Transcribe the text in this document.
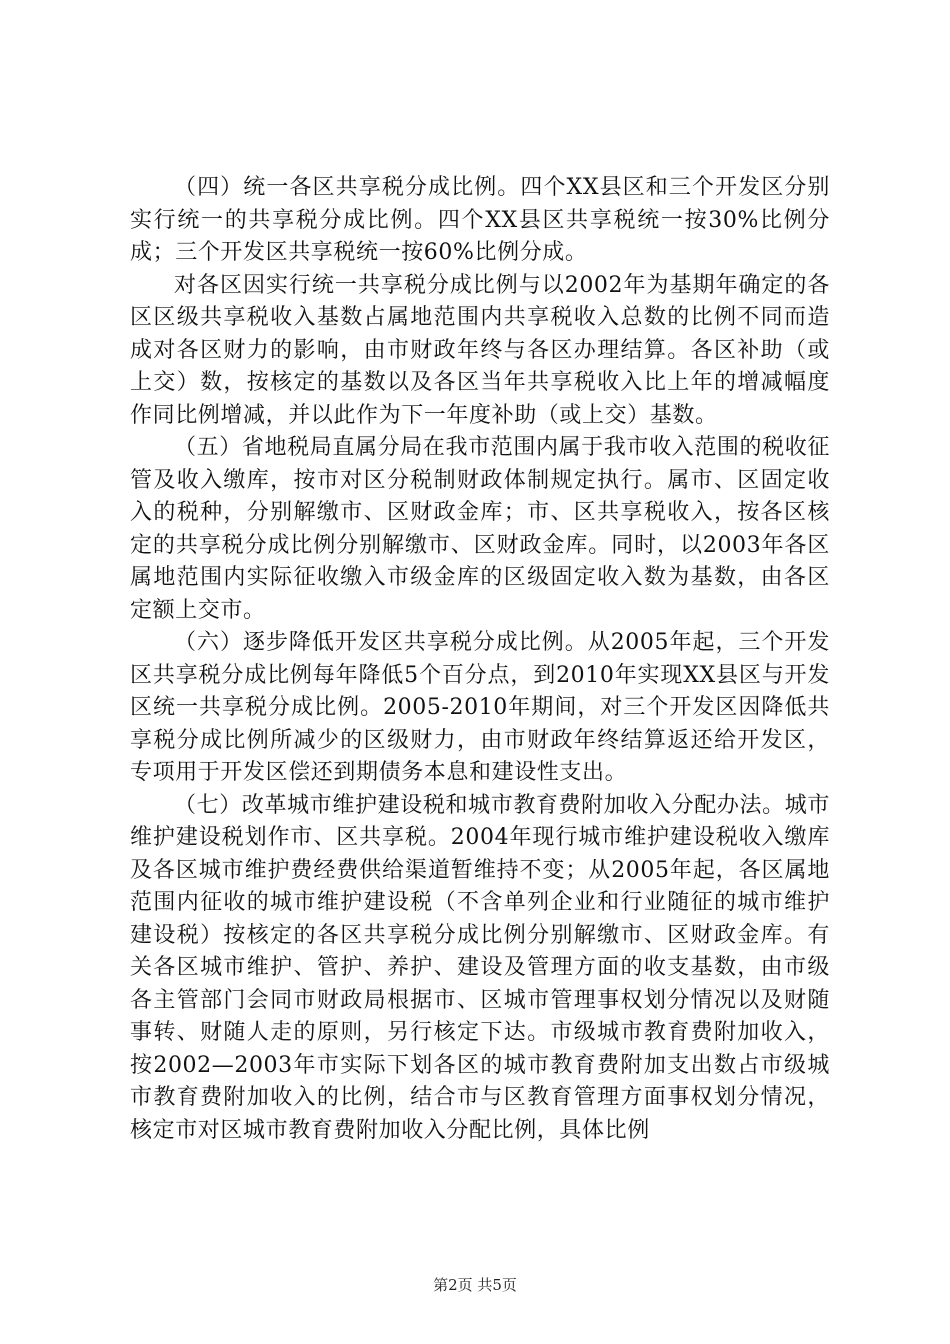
（四）统一各区共享税分成比例。四个XX县区和三个开发区分别实行统一的共享税分成比例。四个XX县区共享税统一按30%比例分成；三个开发区共享税统一按60%比例分成。

对各区因实行统一共享税分成比例与以2002年为基期年确定的各区区级共享税收入基数占属地范围内共享税收入总数的比例不同而造成对各区财力的影响，由市财政年终与各区办理结算。各区补助（或上交）数，按核定的基数以及各区当年共享税收入比上年的增减幅度作同比例增减，并以此作为下一年度补助（或上交）基数。

（五）省地税局直属分局在我市范围内属于我市收入范围的税收征管及收入缴库，按市对区分税制财政体制规定执行。属市、区固定收入的税种，分别解缴市、区财政金库；市、区共享税收入，按各区核定的共享税分成比例分别解缴市、区财政金库。同时，以2003年各区属地范围内实际征收缴入市级金库的区级固定收入数为基数，由各区定额上交市。

（六）逐步降低开发区共享税分成比例。从2005年起，三个开发区共享税分成比例每年降低5个百分点，到2010年实现XX县区与开发区统一共享税分成比例。2005-2010年期间，对三个开发区因降低共享税分成比例所减少的区级财力，由市财政年终结算返还给开发区，专项用于开发区偿还到期债务本息和建设性支出。

（七）改革城市维护建设税和城市教育费附加收入分配办法。城市维护建设税划作市、区共享税。2004年现行城市维护建设税收入缴库及各区城市维护费经费供给渠道暂维持不变；从2005年起，各区属地范围内征收的城市维护建设税（不含单列企业和行业随征的城市维护建设税）按核定的各区共享税分成比例分别解缴市、区财政金库。有关各区城市维护、管护、养护、建设及管理方面的收支基数，由市级各主管部门会同市财政局根据市、区城市管理事权划分情况以及财随事转、财随人走的原则，另行核定下达。市级城市教育费附加收入，按2002—2003年市实际下划各区的城市教育费附加支出数占市级城市教育费附加收入的比例，结合市与区教育管理方面事权划分情况，核定市对区城市教育费附加收入分配比例，具体比例

第2页 共5页
